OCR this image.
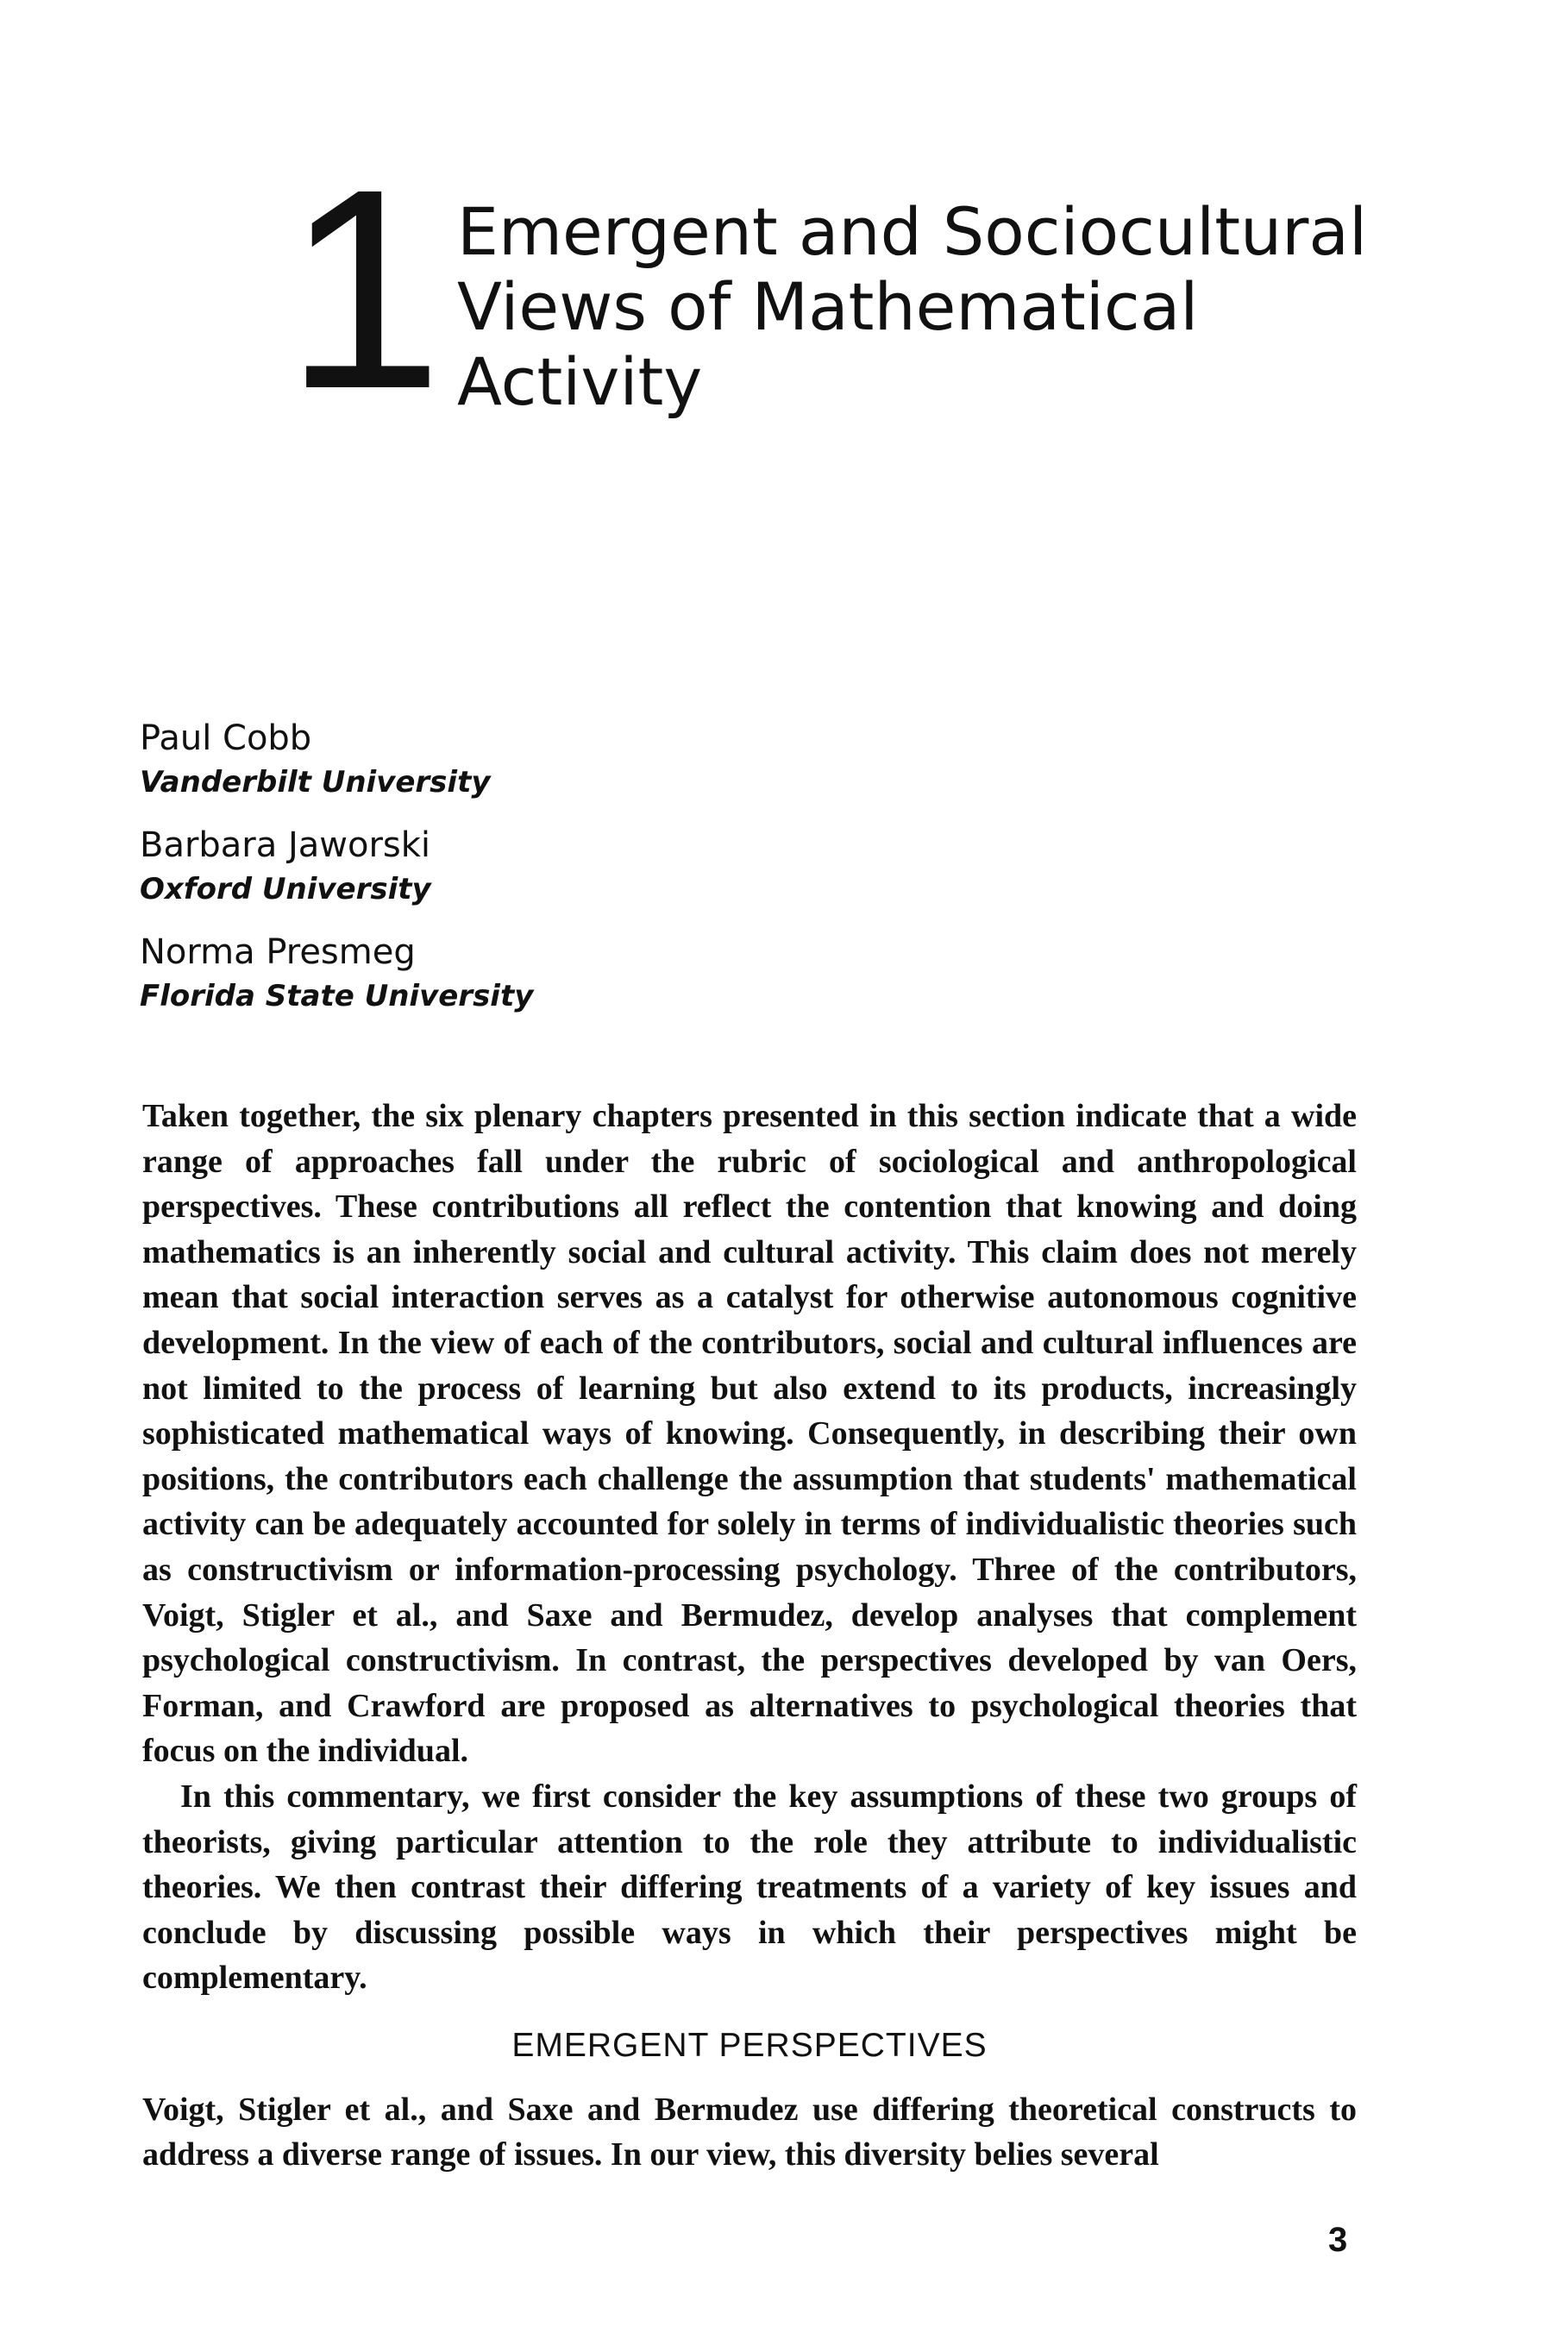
1 Emergent and Sociocultural
Views of Mathematical
Activity
Paul Cobb
Vanderbilt University
Barbara Jaworski
Oxford University
Norma Presmeg
Florida State University

Taken together, the six plenary chapters presented in this section indicate that a wide range of approaches fall under the rubric of sociological and anthropological perspectives. These contributions all reflect the contention that knowing and doing mathematics is an inherently social and cultural activity. This claim does not merely mean that social interaction serves as a catalyst for otherwise autonomous cognitive development. In the view of each of the contributors, social and cultural influences are not limited to the process of learning but also extend to its products, increasingly sophisticated mathematical ways of knowing. Consequently, in describing their own positions, the contributors each challenge the assumption that students' mathematical activity can be adequately accounted for solely in terms of individualistic theories such as constructivism or information-processing psychology. Three of the contributors, Voigt, Stigler et al., and Saxe and Bermudez, develop analyses that complement psychological constructivism. In contrast, the perspectives developed by van Oers, Forman, and Crawford are proposed as alternatives to psychological theories that focus on the individual.

In this commentary, we first consider the key assumptions of these two groups of theorists, giving particular attention to the role they attribute to individualistic theories. We then contrast their differing treatments of a variety of key issues and conclude by discussing possible ways in which their perspectives might be complementary.

EMERGENT PERSPECTIVES

Voigt, Stigler et al., and Saxe and Bermudez use differing theoretical constructs to address a diverse range of issues. In our view, this diversity belies several

3
